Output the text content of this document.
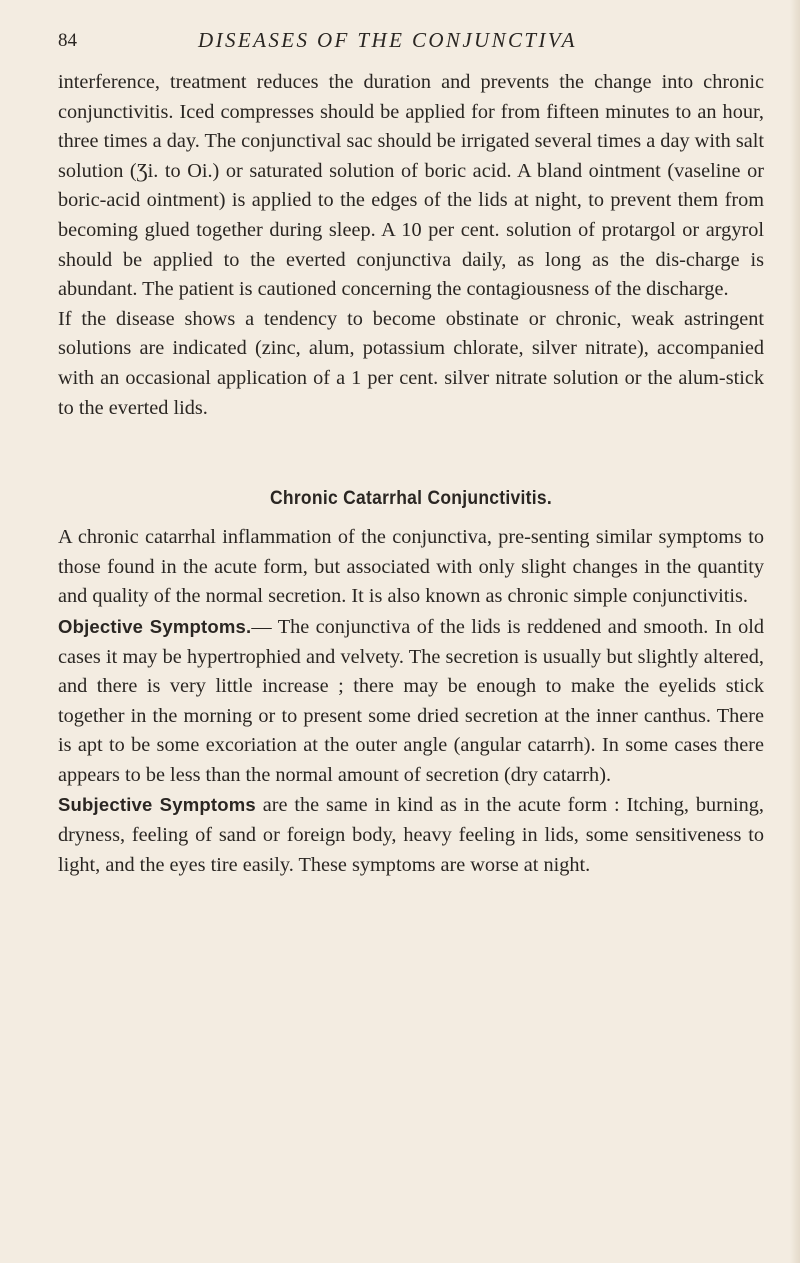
84	DISEASES OF THE CONJUNCTIVA

interference, treatment reduces the duration and prevents the change into chronic conjunctivitis. Iced compresses should be applied for from fifteen minutes to an hour, three times a day. The conjunctival sac should be irrigated several times a day with salt solution (Ʒi. to Oi.) or saturated solution of boric acid. A bland ointment (vaseline or boric-acid ointment) is applied to the edges of the lids at night, to prevent them from becoming glued together during sleep. A 10 per cent. solution of protargol or argyrol should be applied to the everted conjunctiva daily, as long as the dis-charge is abundant. The patient is cautioned concerning the contagiousness of the discharge.

If the disease shows a tendency to become obstinate or chronic, weak astringent solutions are indicated (zinc, alum, potassium chlorate, silver nitrate), accompanied with an occasional application of a 1 per cent. silver nitrate solution or the alum-stick to the everted lids.

Chronic Catarrhal Conjunctivitis.

A chronic catarrhal inflammation of the conjunctiva, pre-senting similar symptoms to those found in the acute form, but associated with only slight changes in the quantity and quality of the normal secretion. It is also known as chronic simple conjunctivitis.

Objective Symptoms.— The conjunctiva of the lids is reddened and smooth. In old cases it may be hypertrophied and velvety. The secretion is usually but slightly altered, and there is very little increase ; there may be enough to make the eyelids stick together in the morning or to present some dried secretion at the inner canthus. There is apt to be some excoriation at the outer angle (angular catarrh). In some cases there appears to be less than the normal amount of secretion (dry catarrh).

Subjective Symptoms are the same in kind as in the acute form : Itching, burning, dryness, feeling of sand or foreign body, heavy feeling in lids, some sensitiveness to light, and the eyes tire easily. These symptoms are worse at night.
